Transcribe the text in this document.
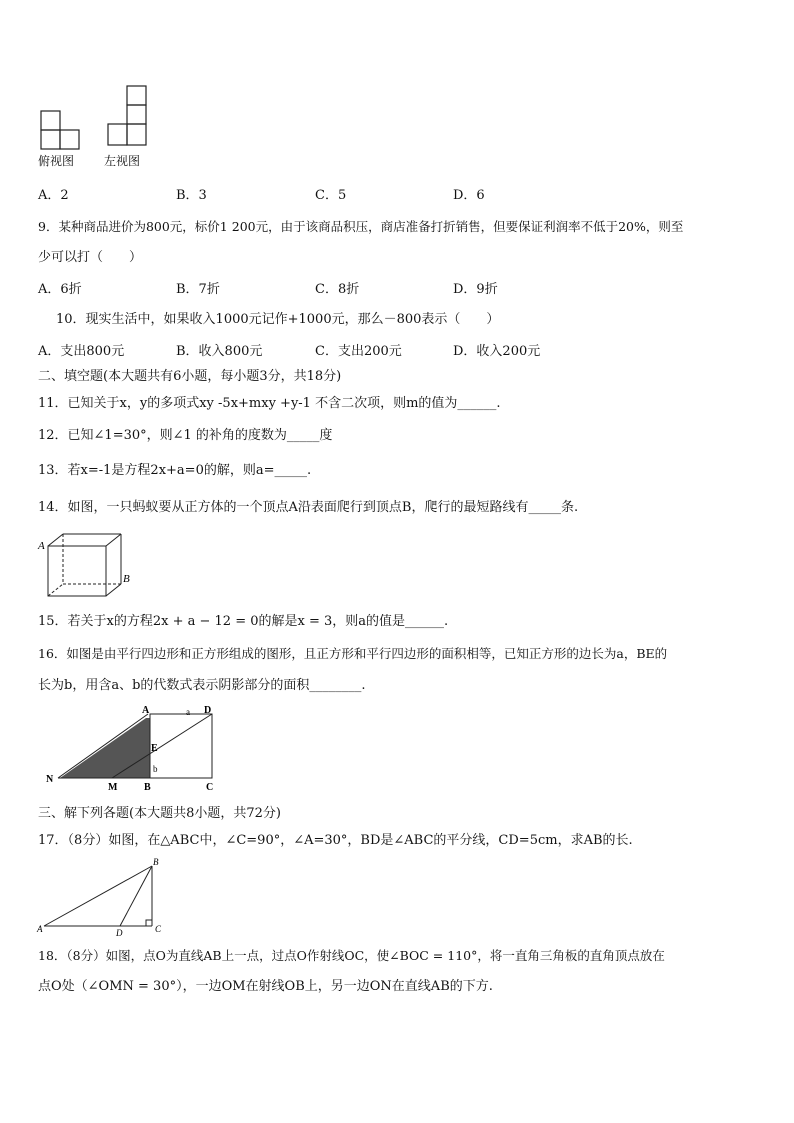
俯视图 左视图
A．2	B．3	C．5	D．6
9．某种商品进价为800元，标价1 200元，由于该商品积压，商店准备打折销售，但要保证利润率不低于20%，则至
少可以打（　　）
A．6折	B．7折	C．8折	D．9折
10．现实生活中，如果收入1000元记作+1000元，那么－800表示（　　）
A．支出800元	B．收入800元	C．支出200元	D．收入200元
二、填空题(本大题共有6小题，每小题3分，共18分)
11．已知关于x，y的多项式xy -5x+mxy +y-1 不含二次项，则m的值为______.
12．已知∠1=30°，则∠1 的补角的度数为_____度
13．若x=-1是方程2x+a=0的解，则a=_____.
14．如图，一只蚂蚁要从正方体的一个顶点A沿表面爬行到顶点B，爬行的最短路线有_____条.
A
B
15．若关于x的方程2x + a − 12 = 0的解是x = 3，则a的值是______.
16．如图是由平行四边形和正方形组成的图形，且正方形和平行四边形的面积相等，已知正方形的边长为a，BE的
长为b，用含a、b的代数式表示阴影部分的面积________.
A	D
a
E
b
N
M	B	C
三、解下列各题(本大题共8小题，共72分)
17．（8分）如图，在△ABC中，∠C=90°，∠A=30°，BD是∠ABC的平分线，CD=5cm，求AB的长.
A
B
C
D
18．（8分）如图，点O为直线AB上一点，过点O作射线OC，使∠BOC = 110°，将一直角三角板的直角顶点放在
点O处（∠OMN = 30°），一边OM在射线OB上，另一边ON在直线AB的下方.
